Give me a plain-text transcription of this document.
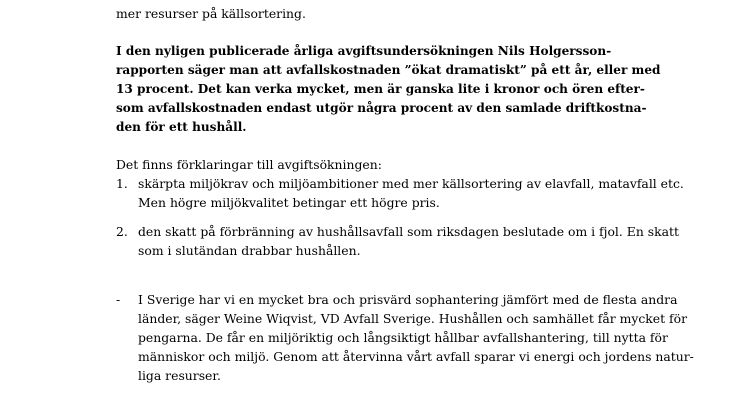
mer resurser på källsortering.
I den nyligen publicerade årliga avgiftsundersökningen Nils Holgersson-
rapporten säger man att avfallskostnaden ”ökat dramatiskt” på ett år, eller med
13 procent. Det kan verka mycket, men är ganska lite i kronor och ören efter-
som avfallskostnaden endast utgör några procent av den samlade driftkostna-
den för ett hushåll.
Det finns förklaringar till avgiftsökningen:
1. skärpta miljökrav och miljöambitioner med mer källsortering av elavfall, matavfall etc.
Men högre miljökvalitet betingar ett högre pris.
2. den skatt på förbränning av hushållsavfall som riksdagen beslutade om i fjol. En skatt
som i slutändan drabbar hushållen.
- I Sverige har vi en mycket bra och prisvärd sophantering jämfört med de flesta andra
länder, säger Weine Wiqvist, VD Avfall Sverige. Hushållen och samhället får mycket för
pengarna. De får en miljöriktig och långsiktigt hållbar avfallshantering, till nytta för
människor och miljö. Genom att återvinna vårt avfall sparar vi energi och jordens natur-
liga resurser.
